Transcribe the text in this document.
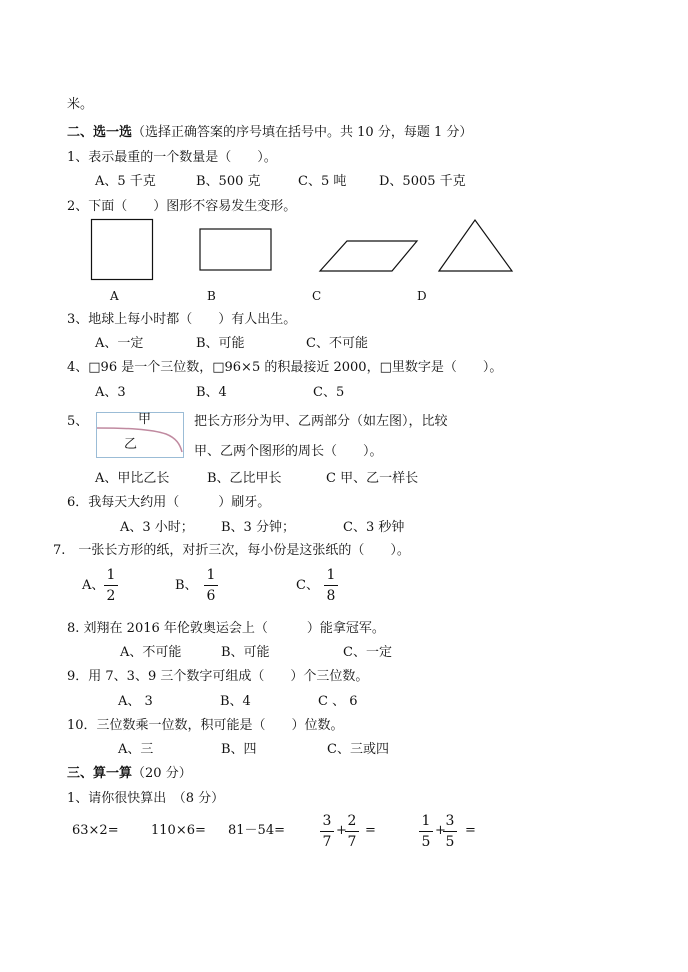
米。
二、选一选（选择正确答案的序号填在括号中。共 10 分，每题 1 分）
1、表示最重的一个数量是（　　）。
A、5 千克	B、500 克	C、5 吨	D、5005 千克
2、下面（　　）图形不容易发生变形。
A	B	C	D
3、地球上每小时都（　　）有人出生。
A、一定	B、可能	C、不可能
4、□96 是一个三位数，□96×5 的积最接近 2000，□里数字是（　　）。
A、3	B、4	C、5
5、	甲
乙
把长方形分为甲、乙两部分（如左图），比较
甲、乙两个图形的周长（　　）。
A、甲比乙长	B、乙比甲长	C 甲、乙一样长
6．我每天大约用（　　　）刷牙。
A、3 小时； B、3 分钟；	C、3 秒钟
7.　一张长方形的纸，对折三次，每小份是这张纸的（　　）。
A、 $\frac{1}{2}$	B、 $\frac{1}{6}$	C、 $\frac{1}{8}$
8. 刘翔在 2016 年伦敦奥运会上（　　　）能拿冠军。
A、不可能	B、可能	C、一定
9．用 7、3、9 三个数字可组成（　　）个三位数。
A、 3	B、4	C 、 6
10．三位数乘一位数，积可能是（　　）位数。
A、三	B、四	C、三或四
三、算一算（20 分）
1、请你很快算出　（8 分）
63×2= 110×6= 81－54=	$\frac{3}{7}$ +
$\frac{2}{7}$ =	$\frac{1}{5}$ +
$\frac{3}{5}$ =
